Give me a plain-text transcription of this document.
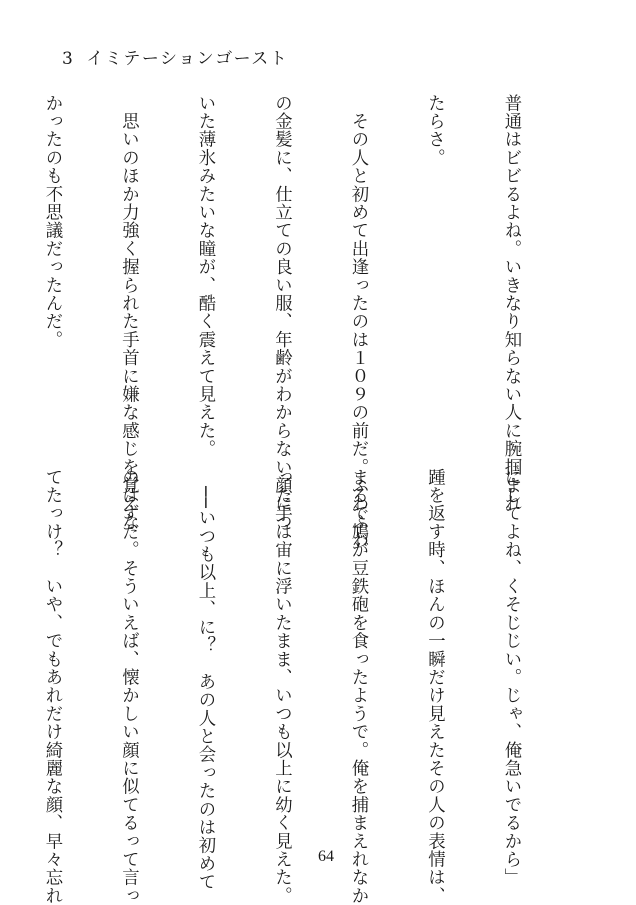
3 イミテーションゴースト

普通はビビるよね。いきなり知らない人に腕掴まれ

たらさ。

　その人と初めて出逢ったのは１０９の前だ。ふわふわ

の金髪に、仕立ての良い服、年齢がわからない顔につ

いた薄氷みたいな瞳が、酷く震えて見えた。

　思いのほか力強く握られた手首に嫌な感じを覚えな

かったのも不思議だったんだ。

にしてよね、くそじじい。じゃ、俺急いでるから」

踵を返す時、ほんの一瞬だけ見えたその人の表情は、

まるで鳩が豆鉄砲を食ったようで。俺を捕まえれなか

った手は宙に浮いたまま、いつも以上に幼く見えた。

　──いつも以上、に？　あの人と会ったのは初めて

のはずだ。そういえば、懐かしい顔に似てるって言っ

てたっけ？　いや、でもあれだけ綺麗な顔、早々忘れ

	64
